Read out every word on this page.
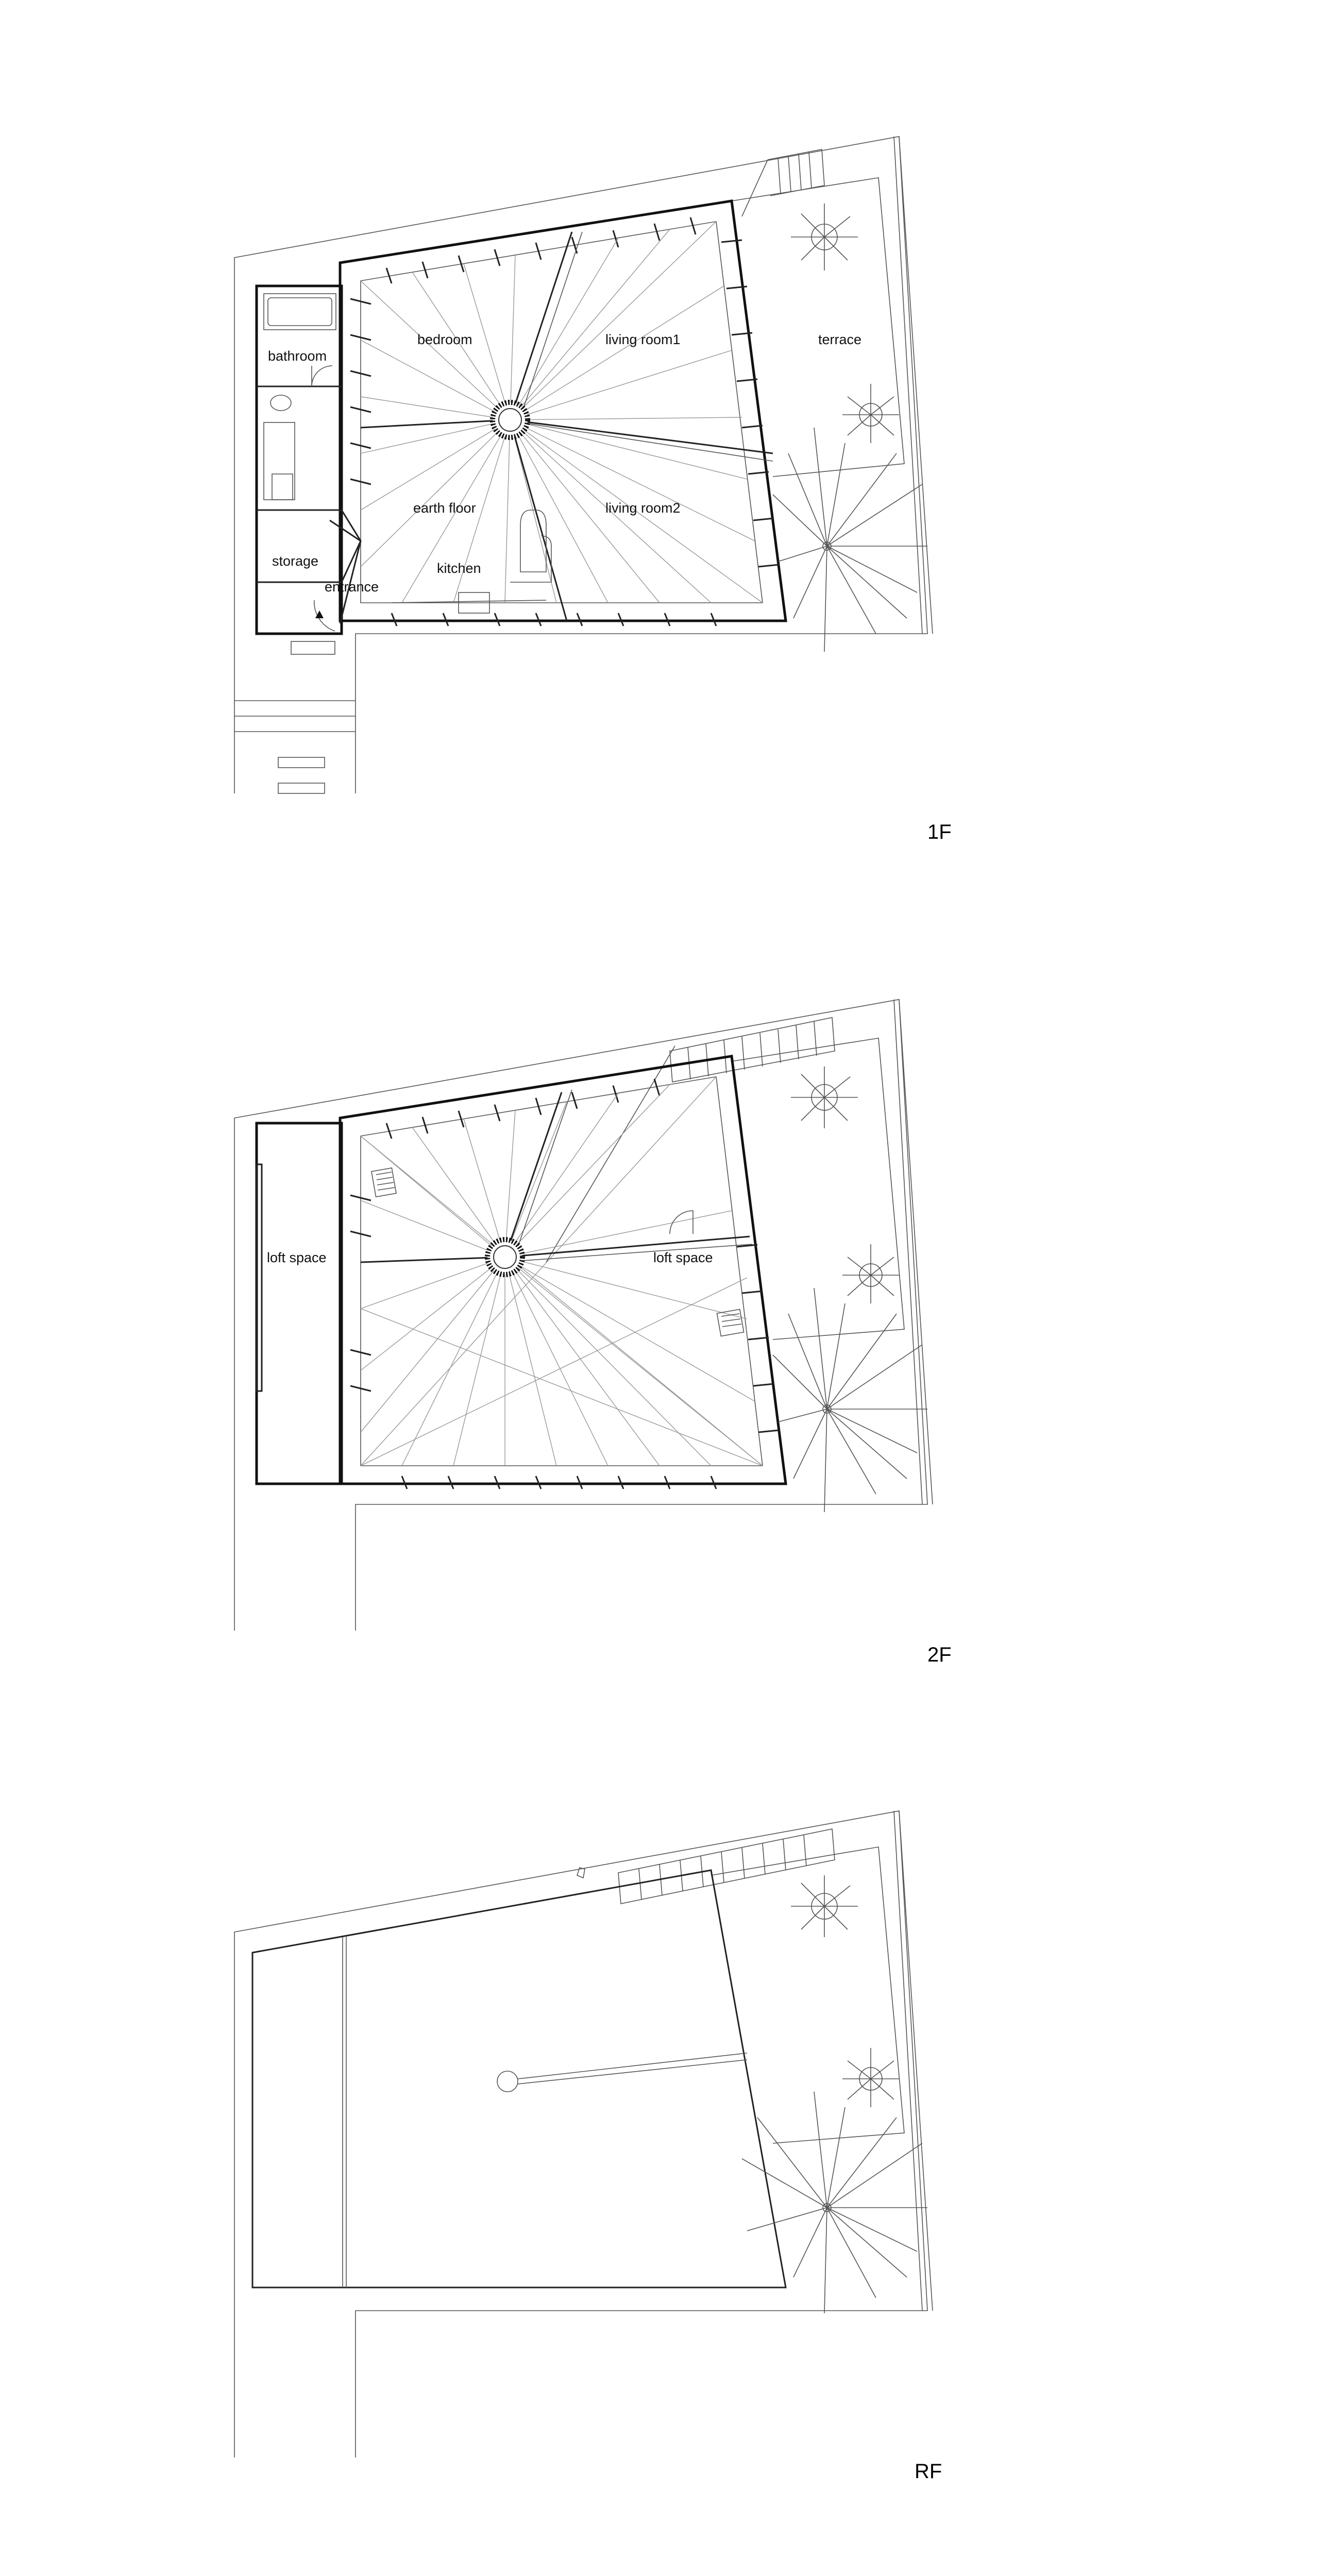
bathroom
bedroom	living room1	terrace
earth floor	living room2
storage
entrance
kitchen
1F
loft space	loft space
2F
RF
